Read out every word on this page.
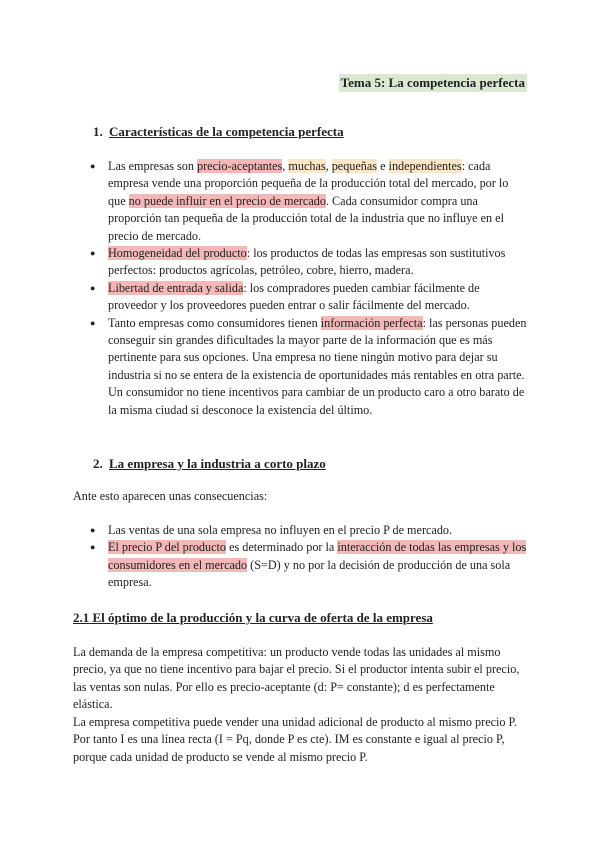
Tema 5: La competencia perfecta
1. Características de la competencia perfecta
● Las empresas son precio-aceptantes, muchas, pequeñas e independientes: cada empresa vende una proporción pequeña de la producción total del mercado, por lo que no puede influir en el precio de mercado. Cada consumidor compra una proporción tan pequeña de la producción total de la industria que no influye en el precio de mercado.
● Homogeneidad del producto: los productos de todas las empresas son sustitutivos perfectos: productos agrícolas, petróleo, cobre, hierro, madera.
● Libertad de entrada y salida: los compradores pueden cambiar fácilmente de proveedor y los proveedores pueden entrar o salir fácilmente del mercado.
● Tanto empresas como consumidores tienen información perfecta: las personas pueden conseguir sin grandes dificultades la mayor parte de la información que es más pertinente para sus opciones. Una empresa no tiene ningún motivo para dejar su industria si no se entera de la existencia de oportunidades más rentables en otra parte. Un consumidor no tiene incentivos para cambiar de un producto caro a otro barato de la misma ciudad si desconoce la existencia del último.
2. La empresa y la industria a corto plazo

Ante esto aparecen unas consecuencias:

● Las ventas de una sola empresa no influyen en el precio P de mercado.
● El precio P del producto es determinado por la interacción de todas las empresas y los consumidores en el mercado (S=D) y no por la decisión de producción de una sola empresa.
2.1 El óptimo de la producción y la curva de oferta de la empresa

La demanda de la empresa competitiva: un producto vende todas las unidades al mismo precio, ya que no tiene incentivo para bajar el precio. Si el productor intenta subir el precio, las ventas son nulas. Por ello es precio-aceptante (d: P= constante); d es perfectamente elástica.

La empresa competitiva puede vender una unidad adicional de producto al mismo precio P. Por tanto I es una línea recta (I = Pq, donde P es cte). IM es constante e igual al precio P, porque cada unidad de producto se vende al mismo precio P.
